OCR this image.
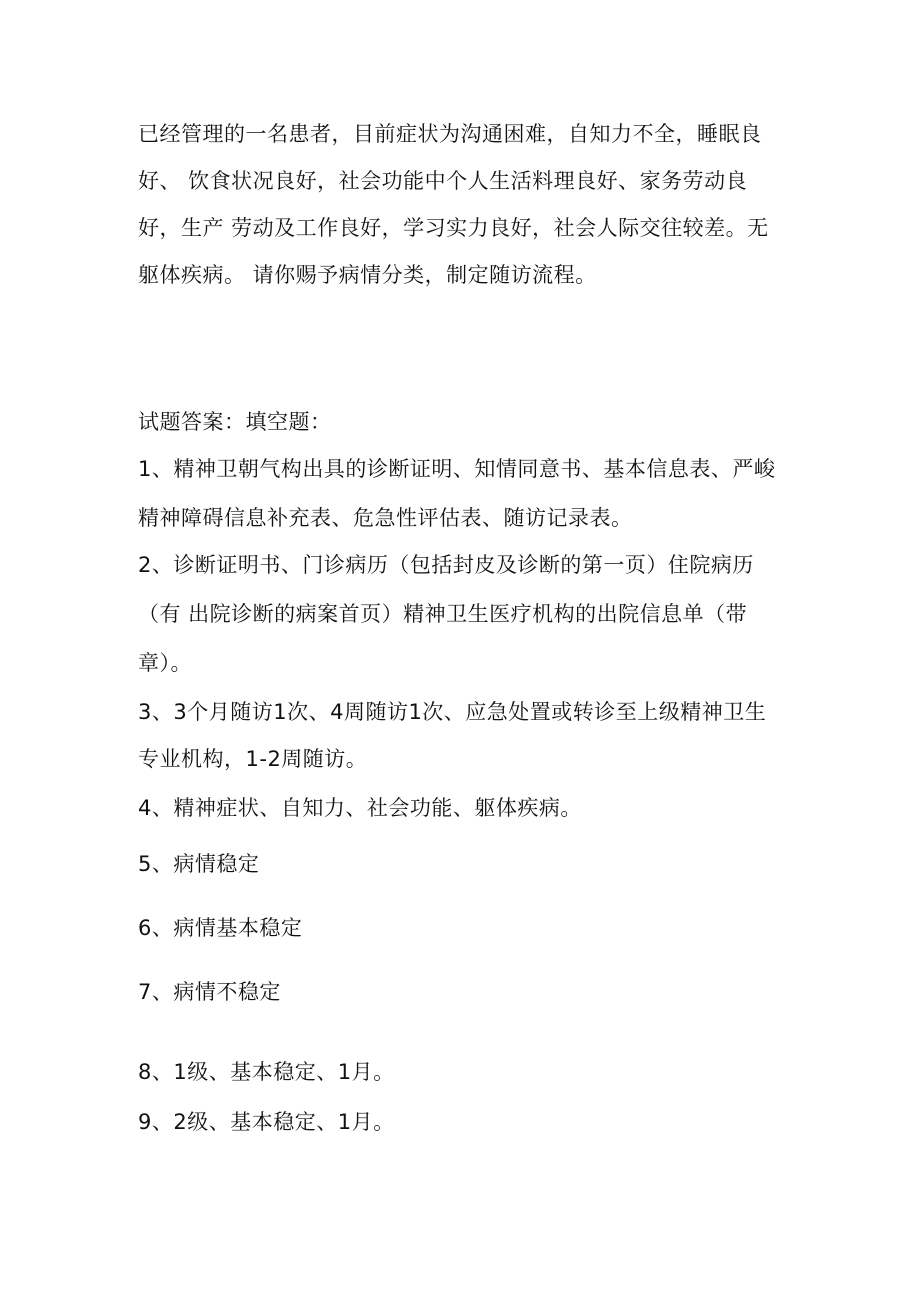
已经管理的一名患者，目前症状为沟通困难，自知力不全，睡眠良
好、 饮食状况良好，社会功能中个人生活料理良好、家务劳动良
好，生产 劳动及工作良好，学习实力良好，社会人际交往较差。无
躯体疾病。 请你赐予病情分类，制定随访流程。
试题答案：填空题：
1、精神卫朝气构出具的诊断证明、知情同意书、基本信息表、严峻
精神障碍信息补充表、危急性评估表、随访记录表。
2、诊断证明书、门诊病历（包括封皮及诊断的第一页）住院病历
（有 出院诊断的病案首页）精神卫生医疗机构的出院信息单（带
章）。
3、3个月随访1次、4周随访1次、应急处置或转诊至上级精神卫生
专业机构，1-2周随访。
4、精神症状、自知力、社会功能、躯体疾病。
5、病情稳定
6、病情基本稳定
7、病情不稳定
8、1级、基本稳定、1月。
9、2级、基本稳定、1月。
